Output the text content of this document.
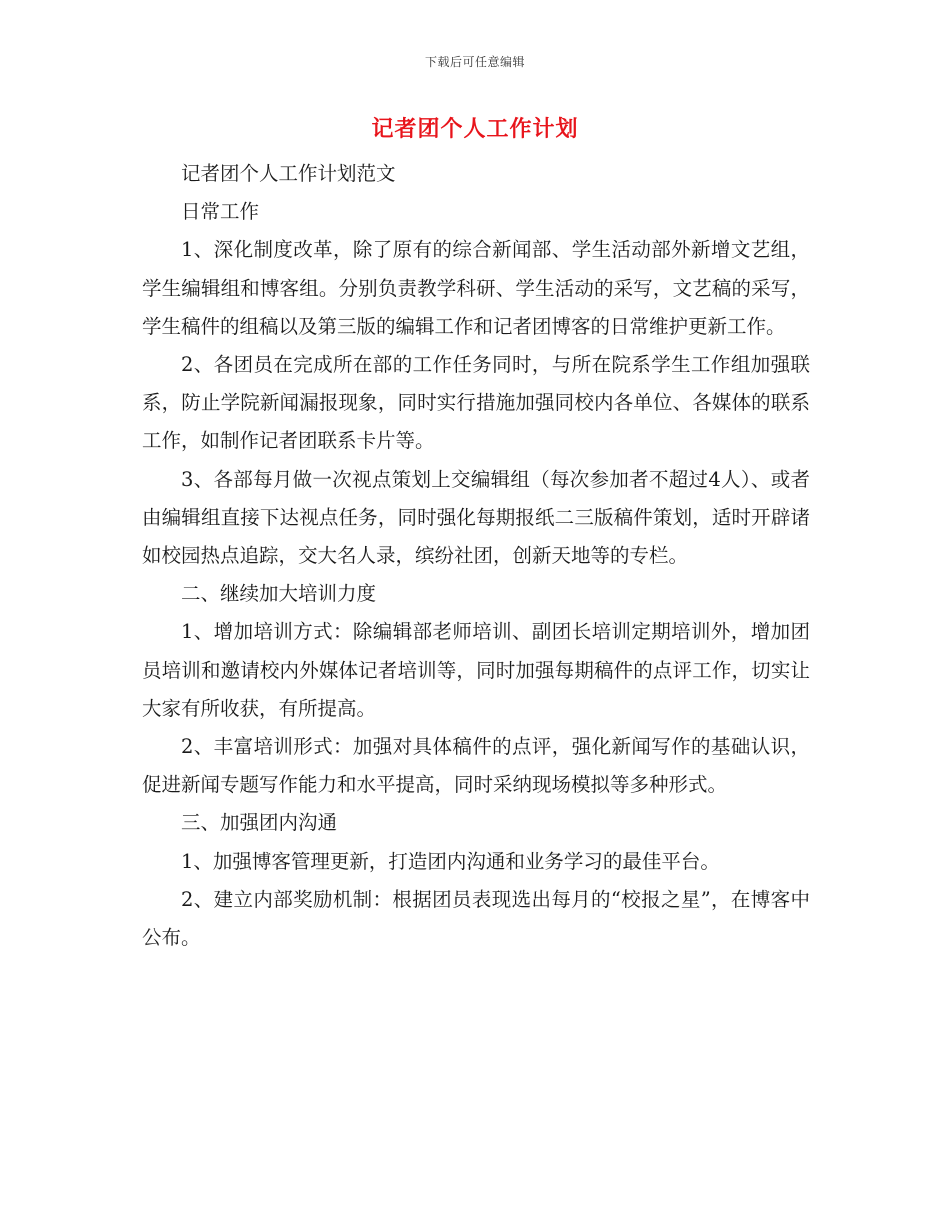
下载后可任意编辑
记者团个人工作计划

记者团个人工作计划范文

日常工作

1、深化制度改革，除了原有的综合新闻部、学生活动部外新增文艺组，学生编辑组和博客组。分别负责教学科研、学生活动的采写，文艺稿的采写，学生稿件的组稿以及第三版的编辑工作和记者团博客的日常维护更新工作。

2、各团员在完成所在部的工作任务同时，与所在院系学生工作组加强联系，防止学院新闻漏报现象，同时实行措施加强同校内各单位、各媒体的联系工作，如制作记者团联系卡片等。

3、各部每月做一次视点策划上交编辑组（每次参加者不超过4人）、或者由编辑组直接下达视点任务，同时强化每期报纸二三版稿件策划，适时开辟诸如校园热点追踪，交大名人录，缤纷社团，创新天地等的专栏。

二、继续加大培训力度

1、增加培训方式：除编辑部老师培训、副团长培训定期培训外，增加团员培训和邀请校内外媒体记者培训等，同时加强每期稿件的点评工作，切实让大家有所收获，有所提高。

2、丰富培训形式：加强对具体稿件的点评，强化新闻写作的基础认识，促进新闻专题写作能力和水平提高，同时采纳现场模拟等多种形式。

三、加强团内沟通

1、加强博客管理更新，打造团内沟通和业务学习的最佳平台。

2、建立内部奖励机制：根据团员表现选出每月的“校报之星”，在博客中公布。
